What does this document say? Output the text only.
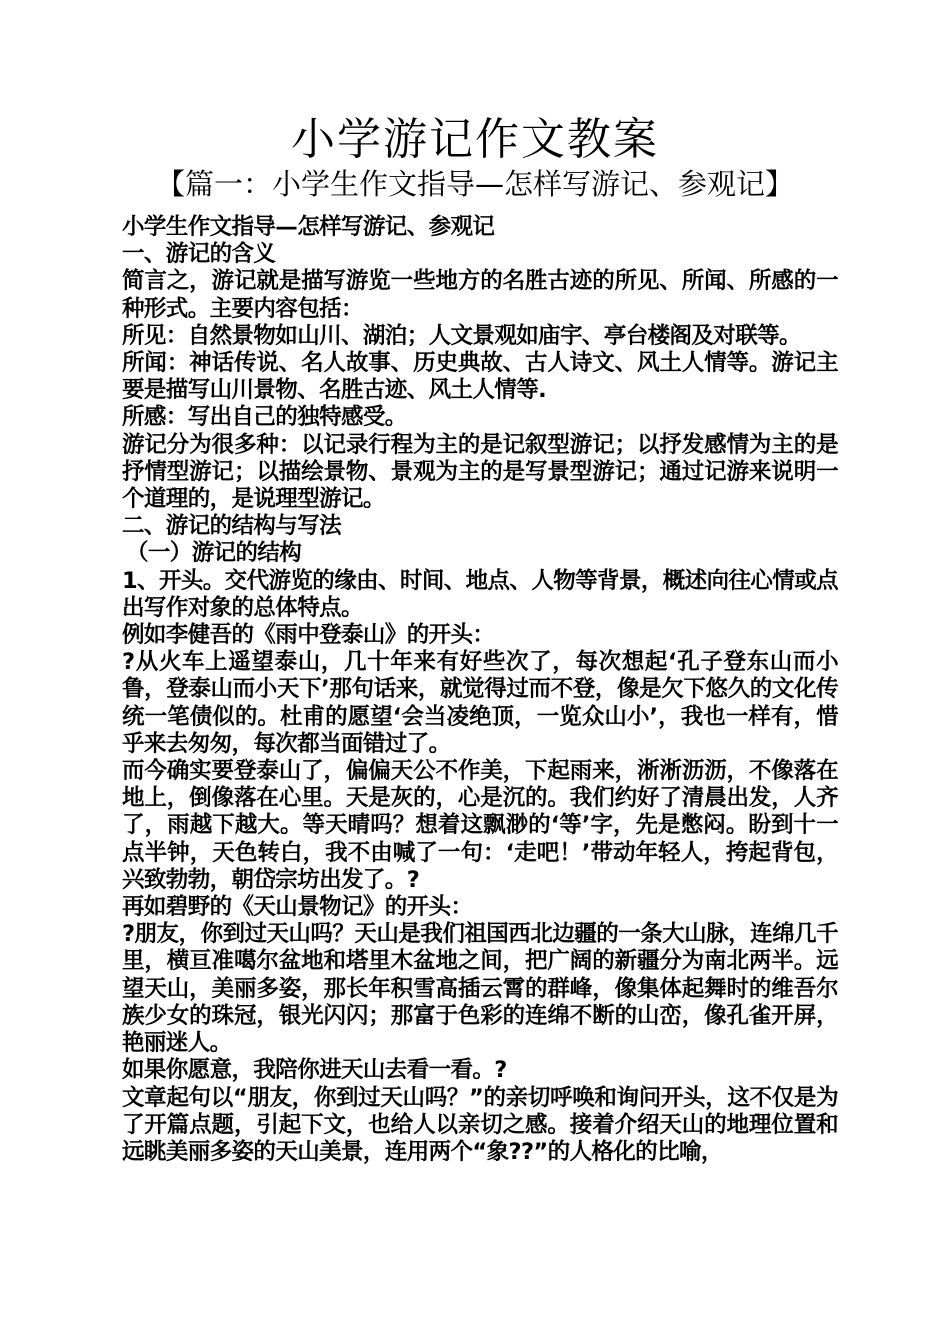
小学游记作文教案
【篇一：小学生作文指导—怎样写游记、参观记】

小学生作文指导—怎样写游记、参观记

一、游记的含义

简言之，游记就是描写游览一些地方的名胜古迹的所见、所闻、所感的一种形式。主要内容包括：

所见：自然景物如山川、湖泊；人文景观如庙宇、亭台楼阁及对联等。

所闻：神话传说、名人故事、历史典故、古人诗文、风土人情等。游记主要是描写山川景物、名胜古迹、风土人情等.

所感：写出自己的独特感受。

游记分为很多种：以记录行程为主的是记叙型游记；以抒发感情为主的是抒情型游记；以描绘景物、景观为主的是写景型游记；通过记游来说明一个道理的，是说理型游记。

二、游记的结构与写法

（一）游记的结构

1、开头。交代游览的缘由、时间、地点、人物等背景，概述向往心情或点出写作对象的总体特点。

例如李健吾的《雨中登泰山》的开头：

?从火车上遥望泰山，几十年来有好些次了，每次想起‘孔子登东山而小鲁，登泰山而小天下’那句话来，就觉得过而不登，像是欠下悠久的文化传统一笔债似的。杜甫的愿望‘会当凌绝顶，一览众山小’，我也一样有，惜乎来去匆匆，每次都当面错过了。

而今确实要登泰山了，偏偏天公不作美，下起雨来，淅淅沥沥，不像落在地上，倒像落在心里。天是灰的，心是沉的。我们约好了清晨出发，人齐了，雨越下越大。等天晴吗？想着这飘渺的‘等’字，先是憋闷。盼到十一点半钟，天色转白，我不由喊了一句：‘走吧！’带动年轻人，挎起背包，兴致勃勃，朝岱宗坊出发了。?

再如碧野的《天山景物记》的开头：

?朋友，你到过天山吗？天山是我们祖国西北边疆的一条大山脉，连绵几千里，横亘准噶尔盆地和塔里木盆地之间，把广阔的新疆分为南北两半。远望天山，美丽多姿，那长年积雪高插云霄的群峰，像集体起舞时的维吾尔族少女的珠冠，银光闪闪；那富于色彩的连绵不断的山峦，像孔雀开屏，艳丽迷人。

如果你愿意，我陪你进天山去看一看。?

文章起句以“朋友，你到过天山吗？”的亲切呼唤和询问开头，这不仅是为了开篇点题，引起下文，也给人以亲切之感。接着介绍天山的地理位置和远眺美丽多姿的天山美景，连用两个“象??”的人格化的比喻，
